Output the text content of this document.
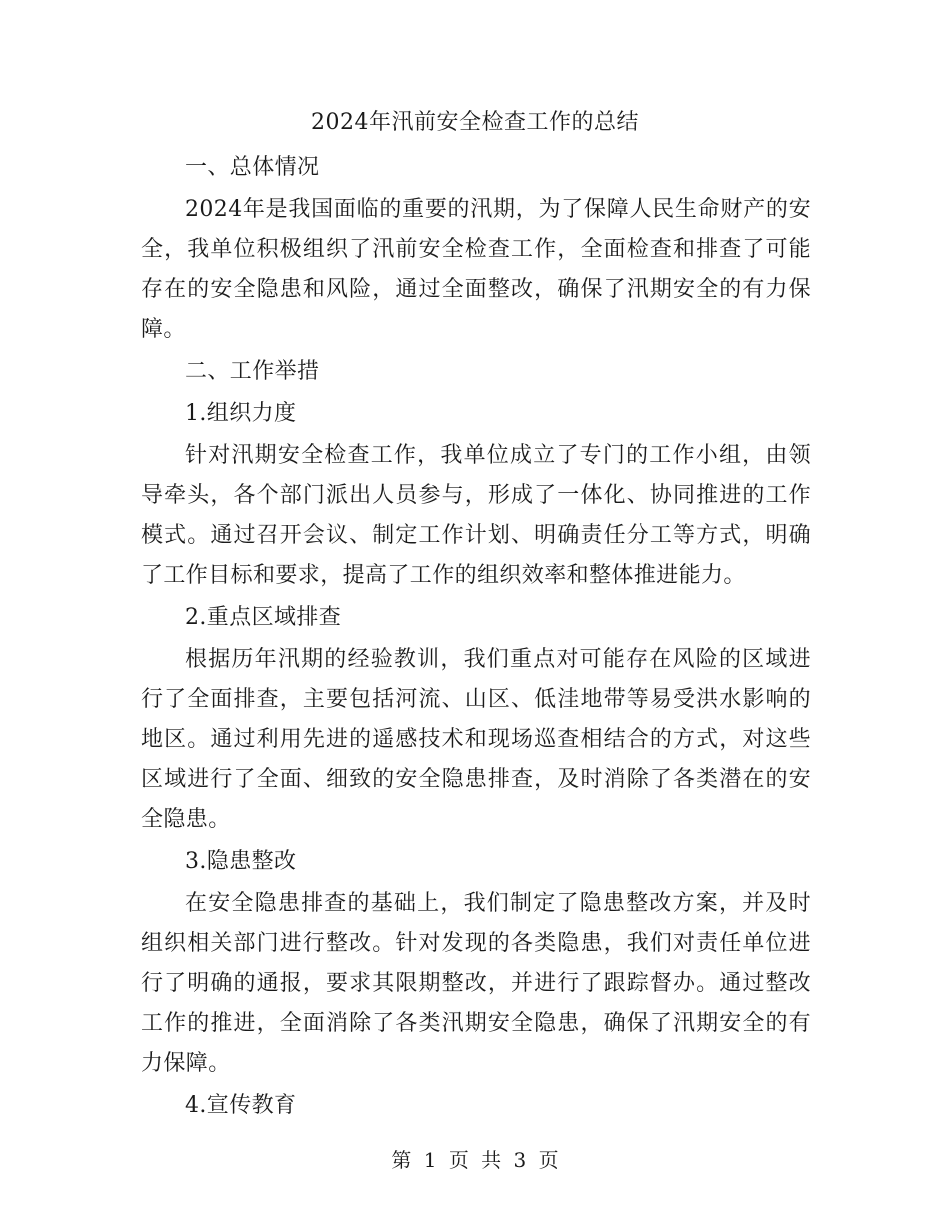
2024年汛前安全检查工作的总结

一、总体情况

2024年是我国面临的重要的汛期，为了保障人民生命财产的安全，我单位积极组织了汛前安全检查工作，全面检查和排查了可能存在的安全隐患和风险，通过全面整改，确保了汛期安全的有力保障。

二、工作举措

1.组织力度

针对汛期安全检查工作，我单位成立了专门的工作小组，由领导牵头，各个部门派出人员参与，形成了一体化、协同推进的工作模式。通过召开会议、制定工作计划、明确责任分工等方式，明确了工作目标和要求，提高了工作的组织效率和整体推进能力。

2.重点区域排查

根据历年汛期的经验教训，我们重点对可能存在风险的区域进行了全面排查，主要包括河流、山区、低洼地带等易受洪水影响的地区。通过利用先进的遥感技术和现场巡查相结合的方式，对这些区域进行了全面、细致的安全隐患排查，及时消除了各类潜在的安全隐患。

3.隐患整改

在安全隐患排查的基础上，我们制定了隐患整改方案，并及时组织相关部门进行整改。针对发现的各类隐患，我们对责任单位进行了明确的通报，要求其限期整改，并进行了跟踪督办。通过整改工作的推进，全面消除了各类汛期安全隐患，确保了汛期安全的有力保障。

4.宣传教育

第 1 页 共 3 页
